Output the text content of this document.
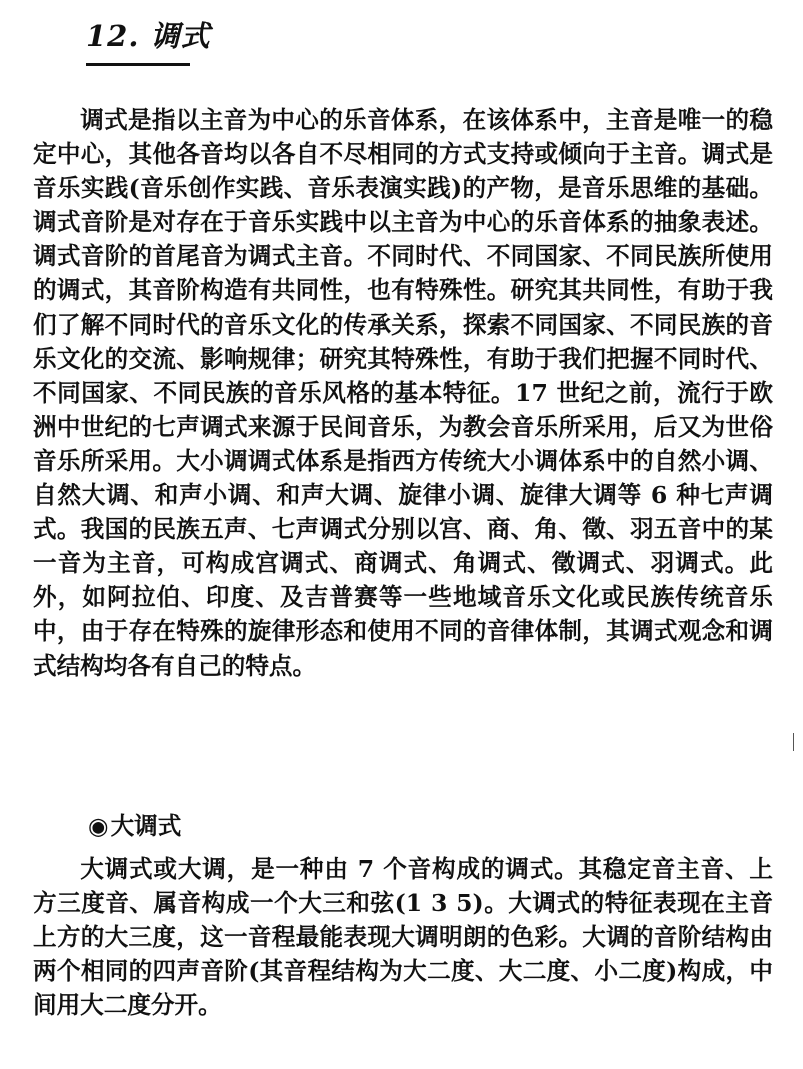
12. 调式

调式是指以主音为中心的乐音体系，在该体系中，主音是唯一的稳定中心，其他各音均以各自不尽相同的方式支持或倾向于主音。调式是音乐实践(音乐创作实践、音乐表演实践)的产物，是音乐思维的基础。调式音阶是对存在于音乐实践中以主音为中心的乐音体系的抽象表述。调式音阶的首尾音为调式主音。不同时代、不同国家、不同民族所使用的调式，其音阶构造有共同性，也有特殊性。研究其共同性，有助于我们了解不同时代的音乐文化的传承关系，探索不同国家、不同民族的音乐文化的交流、影响规律；研究其特殊性，有助于我们把握不同时代、不同国家、不同民族的音乐风格的基本特征。17 世纪之前，流行于欧洲中世纪的七声调式来源于民间音乐，为教会音乐所采用，后又为世俗音乐所采用。大小调调式体系是指西方传统大小调体系中的自然小调、自然大调、和声小调、和声大调、旋律小调、旋律大调等 6 种七声调式。我国的民族五声、七声调式分别以宫、商、角、徵、羽五音中的某一音为主音，可构成宫调式、商调式、角调式、徵调式、羽调式。此外，如阿拉伯、印度、及吉普赛等一些地域音乐文化或民族传统音乐中，由于存在特殊的旋律形态和使用不同的音律体制，其调式观念和调式结构均各有自己的特点。

◉大调式

大调式或大调，是一种由 7 个音构成的调式。其稳定音主音、上方三度音、属音构成一个大三和弦(1 3 5)。大调式的特征表现在主音上方的大三度，这一音程最能表现大调明朗的色彩。大调的音阶结构由两个相同的四声音阶(其音程结构为大二度、大二度、小二度)构成，中间用大二度分开。
